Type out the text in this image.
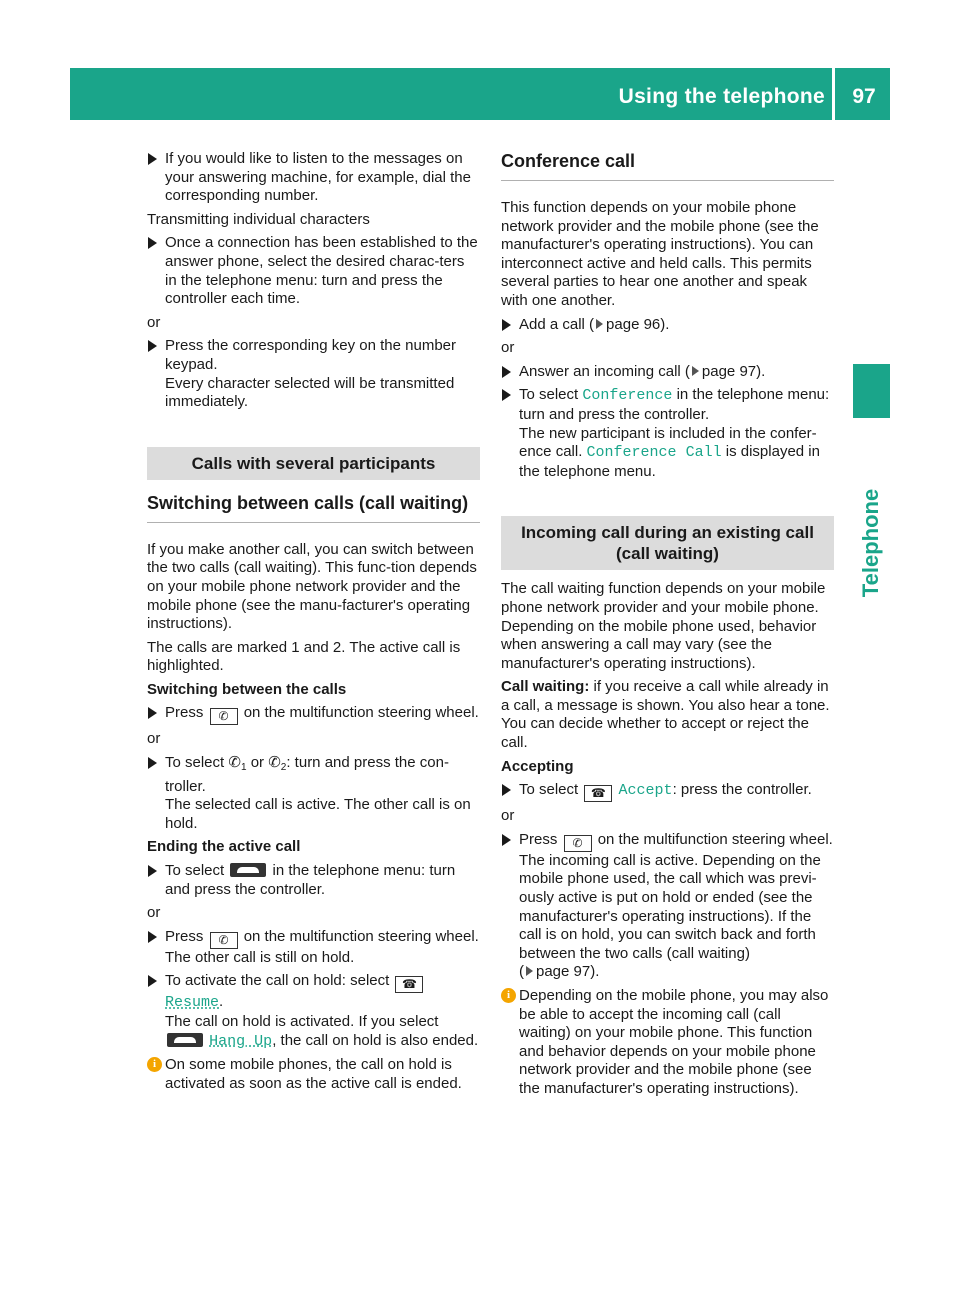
Using the telephone	97
Telephone
If you would like to listen to the messages on your answering machine, for example, dial the corresponding number.

Transmitting individual characters

Once a connection has been established to the answer phone, select the desired charac-ters in the telephone menu: turn and press the controller each time.

or

Press the corresponding key on the number keypad.
Every character selected will be transmitted immediately.
Calls with several participants

Switching between calls (call waiting)

If you make another call, you can switch between the two calls (call waiting). This func-tion depends on your mobile phone network provider and the mobile phone (see the manu-facturer's operating instructions).

The calls are marked 1 and 2. The active call is highlighted.

Switching between the calls

Press ✆ on the multifunction steering wheel.

or

To select $✆_1$ or $✆_2$: turn and press the con-troller.
The selected call is active. The other call is on hold.

Ending the active call

To select	in the telephone menu: turn and press the controller.

or

Press ✆ on the multifunction steering wheel.
The other call is still on hold.
To activate the call on hold: select ☎
Resume.
The call on hold is activated. If you select
Hang Up, the call on hold is also ended.
i On some mobile phones, the call on hold is activated as soon as the active call is ended.

Conference call

This function depends on your mobile phone network provider and the mobile phone (see the manufacturer's operating instructions). You can interconnect active and held calls. This permits several parties to hear one another and speak with one another.

Add a call ( page 96).

or

Answer an incoming call ( page 97).
To select Conference in the telephone menu: turn and press the controller.
The new participant is included in the confer-ence call. Conference Call is displayed in the telephone menu.
Incoming call during an existing call (call waiting)

The call waiting function depends on your mobile phone network provider and your mobile phone. Depending on the mobile phone used, behavior when answering a call may vary (see the manufacturer's operating instructions).

Call waiting: if you receive a call while already in a call, a message is shown. You also hear a tone. You can decide whether to accept or reject the call.

Accepting

To select ☎ Accept: press the controller.

or

Press ✆ on the multifunction steering wheel.
The incoming call is active. Depending on the mobile phone used, the call which was previ-ously active is put on hold or ended (see the manufacturer's operating instructions). If the call is on hold, you can switch back and forth between the two calls (call waiting)
( page 97).
i Depending on the mobile phone, you may also be able to accept the incoming call (call waiting) on your mobile phone. This function and behavior depends on your mobile phone network provider and the mobile phone (see the manufacturer's operating instructions).
